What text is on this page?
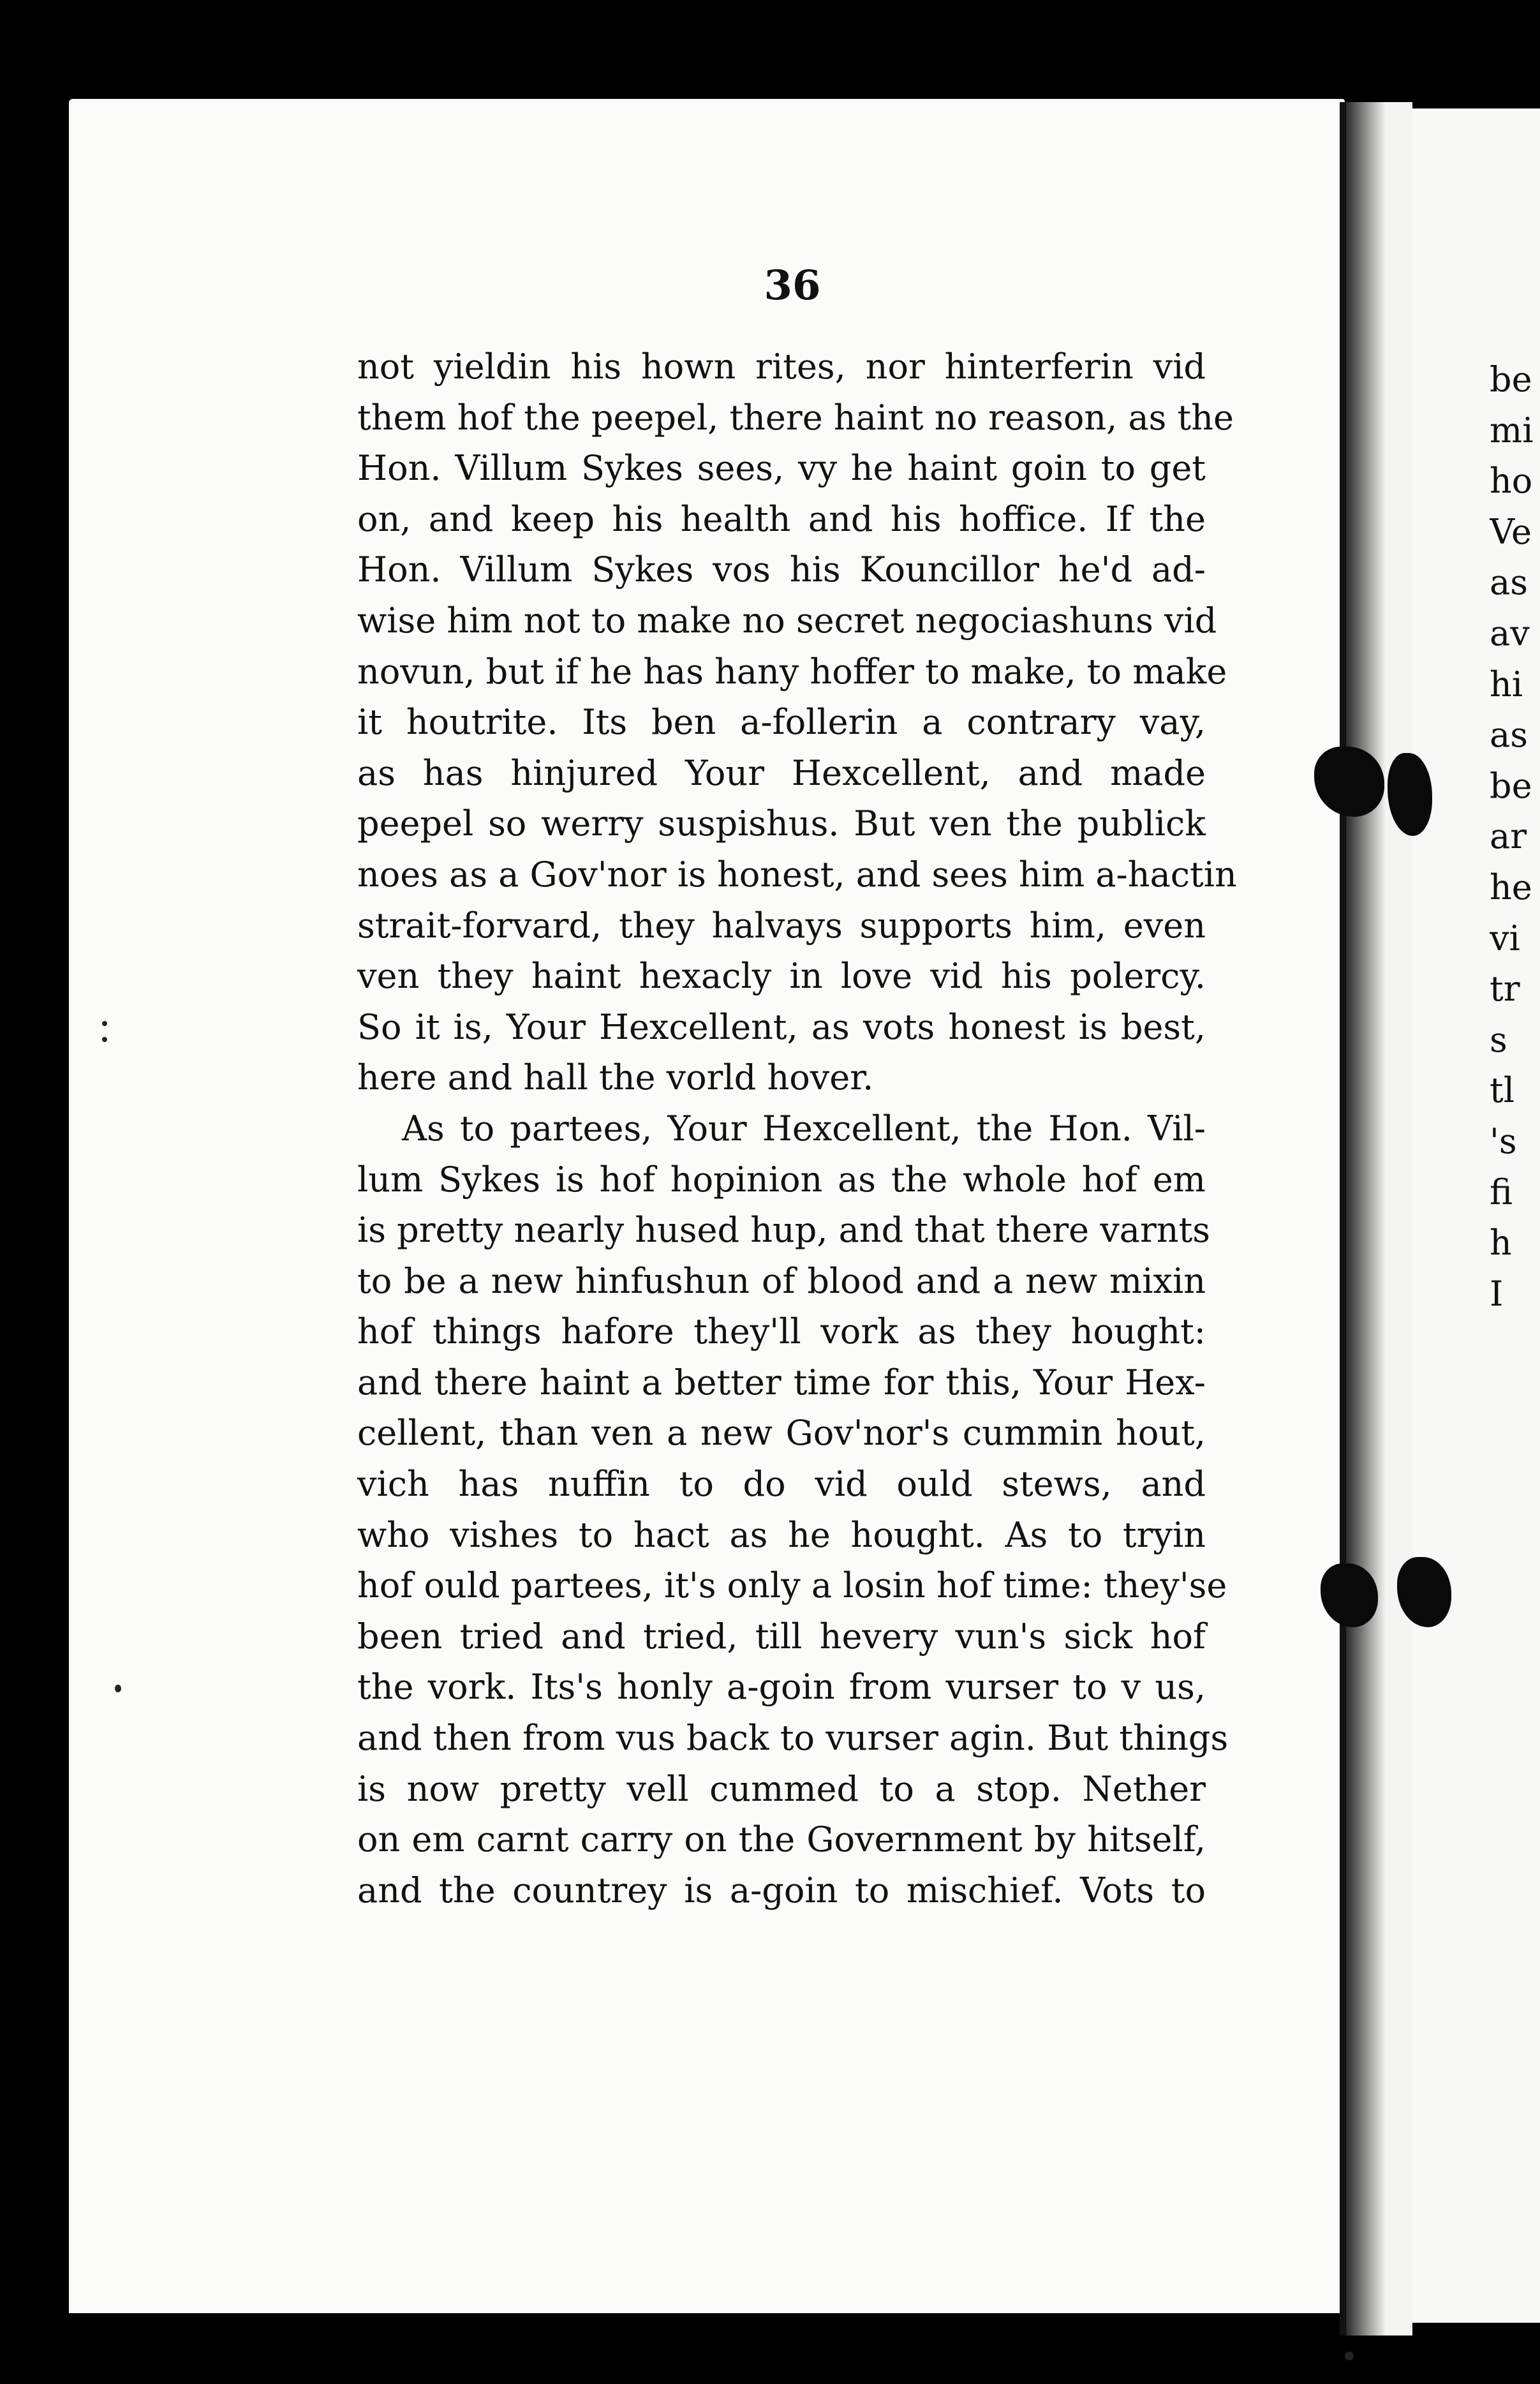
36
not yieldin his hown rites, nor hinterferin vid
them hof the peepel, there haint no reason, as the
Hon. Villum Sykes sees, vy he haint goin to get
on, and keep his health and his hoffice. If the
Hon. Villum Sykes vos his Kouncillor he'd ad-
wise him not to make no secret negociashuns vid
novun, but if he has hany hoffer to make, to make
it houtrite. Its ben a-follerin a contrary vay,
as has hinjured Your Hexcellent, and made
peepel so werry suspishus. But ven the publick
noes as a Gov'nor is honest, and sees him a-hactin
strait-forvard, they halvays supports him, even
ven they haint hexacly in love vid his polercy.
So it is, Your Hexcellent, as vots honest is best,
here and hall the vorld hover.
As to partees, Your Hexcellent, the Hon. Vil-
lum Sykes is hof hopinion as the whole hof em
is pretty nearly hused hup, and that there varnts
to be a new hinfushun of blood and a new mixin
hof things hafore they'll vork as they hought:
and there haint a better time for this, Your Hex-
cellent, than ven a new Gov'nor's cummin hout,
vich has nuffin to do vid ould stews, and
who vishes to hact as he hought. As to tryin
hof ould partees, it's only a losin hof time: they'se
been tried and tried, till hevery vun's sick hof
the vork. Its's honly a-goin from vurser to v us,
and then from vus back to vurser agin. But things
is now pretty vell cummed to a stop. Nether
on em carnt carry on the Government by hitself,
and the countrey is a-goin to mischief. Vots to
be
mi
ho
Ve
as
av
hi
as
be
ar
he
vi
tr
s
tl
's
fi
h
I
